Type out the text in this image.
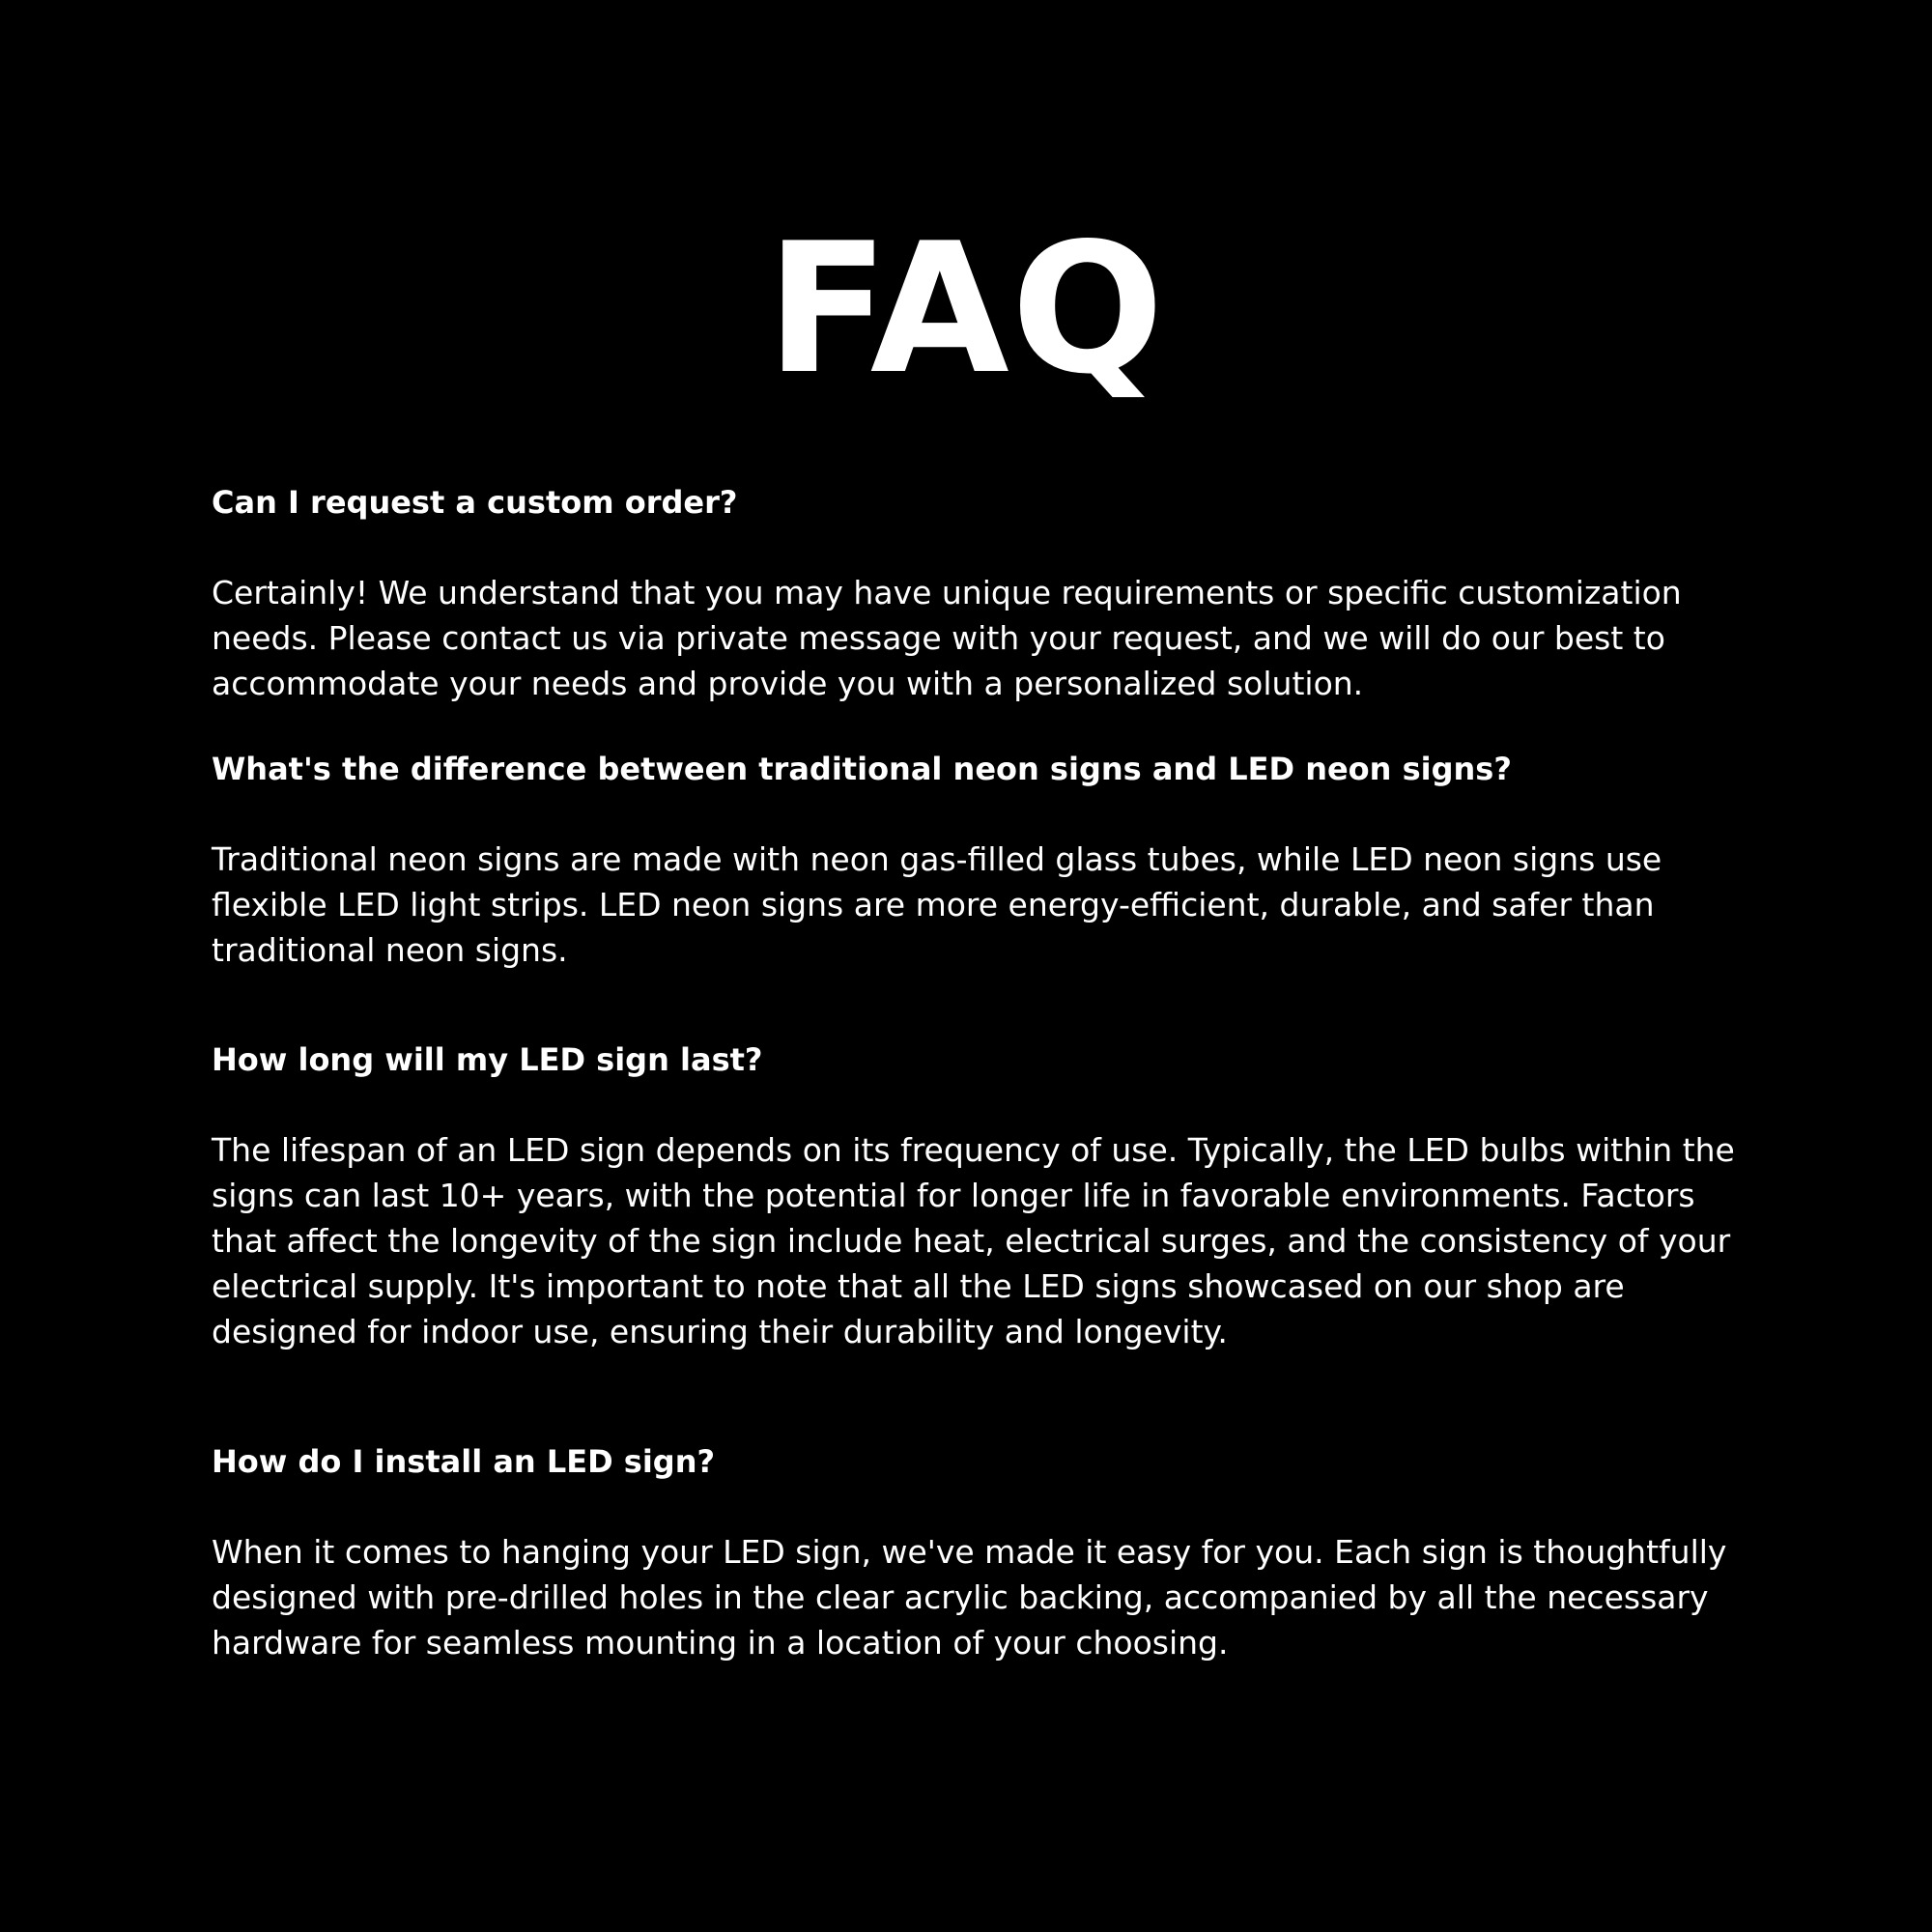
FAQ

Can I request a custom order?

Certainly! We understand that you may have unique requirements or specific customization
needs. Please contact us via private message with your request, and we will do our best to
accommodate your needs and provide you with a personalized solution.

What's the difference between traditional neon signs and LED neon signs?

Traditional neon signs are made with neon gas-filled glass tubes, while LED neon signs use
flexible LED light strips. LED neon signs are more energy-efficient, durable, and safer than
traditional neon signs.

How long will my LED sign last?

The lifespan of an LED sign depends on its frequency of use. Typically, the LED bulbs within the
signs can last 10+ years, with the potential for longer life in favorable environments. Factors
that affect the longevity of the sign include heat, electrical surges, and the consistency of your
electrical supply. It's important to note that all the LED signs showcased on our shop are
designed for indoor use, ensuring their durability and longevity.

How do I install an LED sign?

When it comes to hanging your LED sign, we've made it easy for you. Each sign is thoughtfully
designed with pre-drilled holes in the clear acrylic backing, accompanied by all the necessary
hardware for seamless mounting in a location of your choosing.
